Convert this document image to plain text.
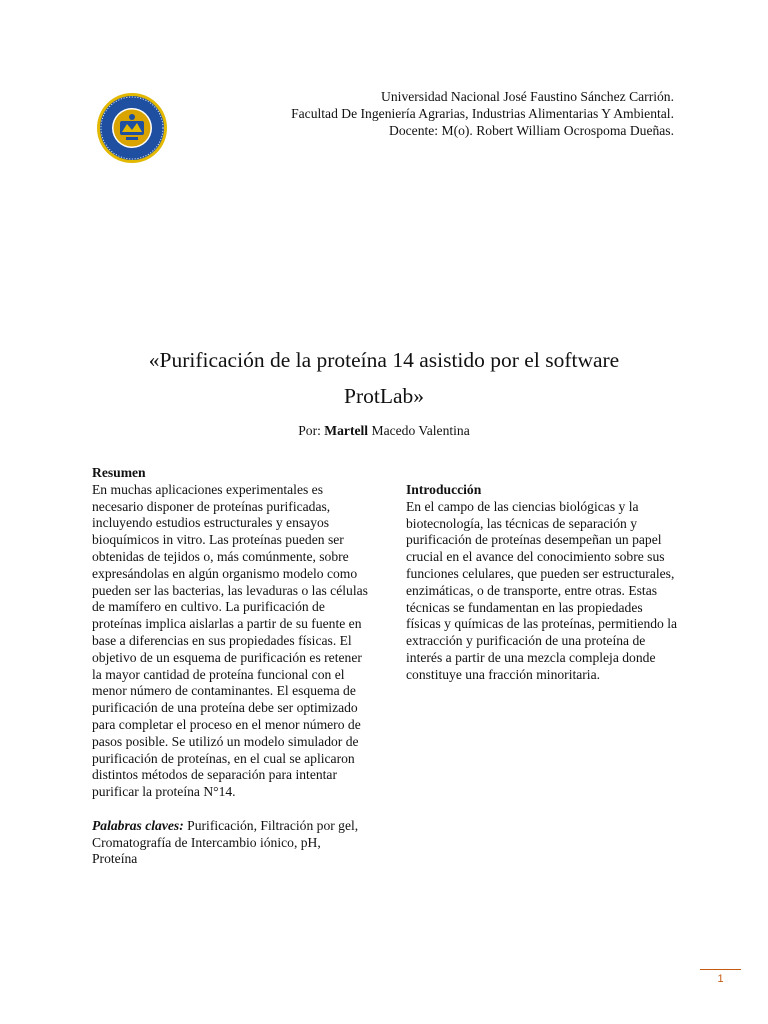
Universidad Nacional José Faustino Sánchez Carrión.
Facultad De Ingeniería Agrarias, Industrias Alimentarias Y Ambiental.
Docente: M(o). Robert William Ocrospoma Dueñas.
«Purificación de la proteína 14 asistido por el software
ProtLab»
Por: Martell Macedo Valentina
Resumen

En muchas aplicaciones experimentales es necesario disponer de proteínas purificadas, incluyendo estudios estructurales y ensayos bioquímicos in vitro. Las proteínas pueden ser obtenidas de tejidos o, más comúnmente, sobre expresándolas en algún organismo modelo como pueden ser las bacterias, las levaduras o las células de mamífero en cultivo. La purificación de proteínas implica aislarlas a partir de su fuente en base a diferencias en sus propiedades físicas. El objetivo de un esquema de purificación es retener la mayor cantidad de proteína funcional con el menor número de contaminantes. El esquema de purificación de una proteína debe ser optimizado para completar el proceso en el menor número de pasos posible. Se utilizó un modelo simulador de purificación de proteínas, en el cual se aplicaron distintos métodos de separación para intentar purificar la proteína N°14.

Palabras claves: Purificación, Filtración por gel, Cromatografía de Intercambio iónico, pH, Proteína

Introducción

En el campo de las ciencias biológicas y la biotecnología, las técnicas de separación y purificación de proteínas desempeñan un papel crucial en el avance del conocimiento sobre sus funciones celulares, que pueden ser estructurales, enzimáticas, o de transporte, entre otras. Estas técnicas se fundamentan en las propiedades físicas y químicas de las proteínas, permitiendo la extracción y purificación de una proteína de interés a partir de una mezcla compleja donde constituye una fracción minoritaria.

1
